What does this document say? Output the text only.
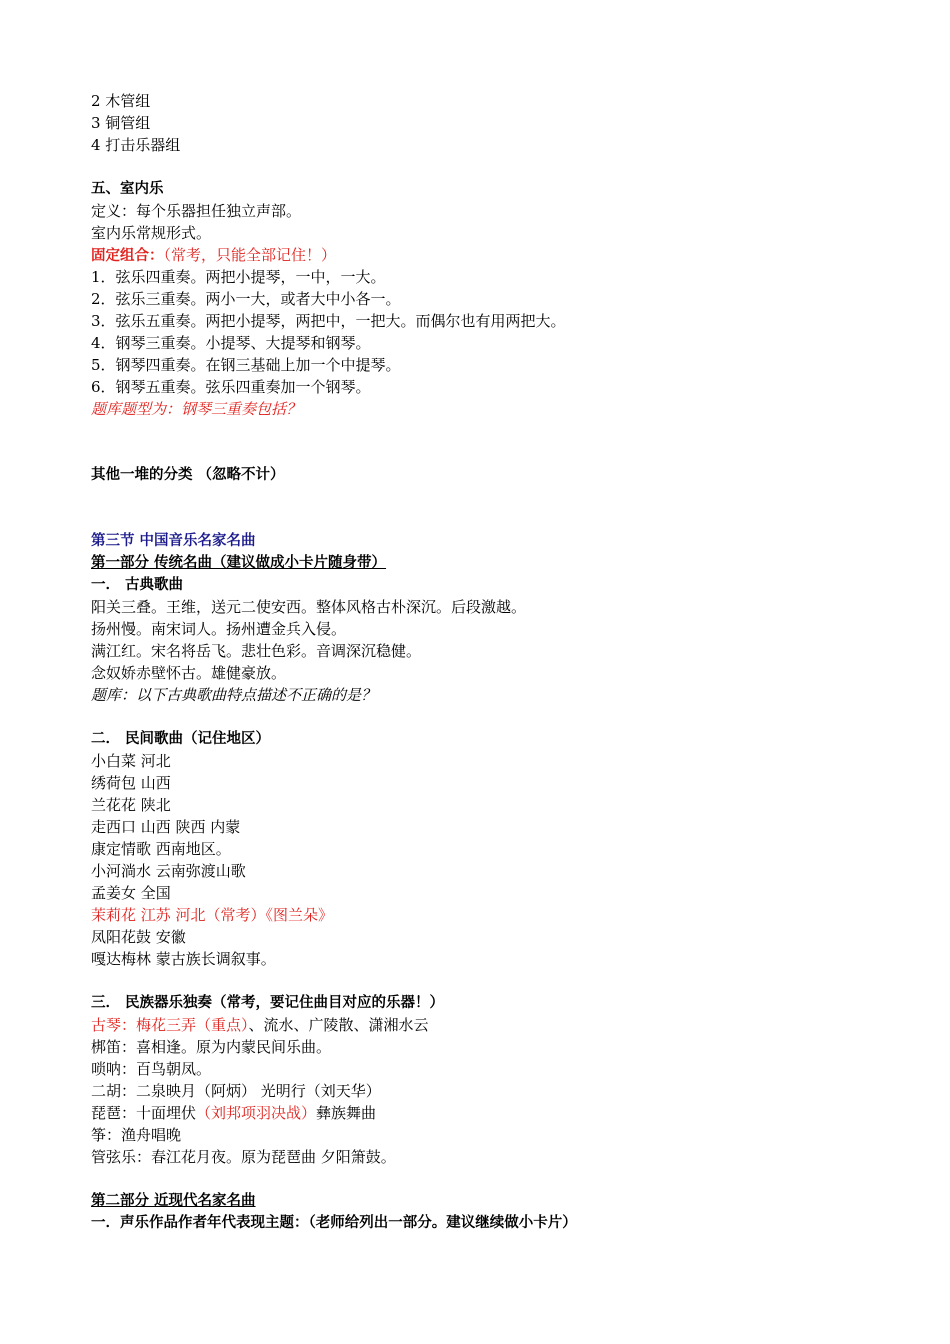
2 木管组
3 铜管组
4 打击乐器组
五、室内乐
定义：每个乐器担任独立声部。
室内乐常规形式。
固定组合：（常考，只能全部记住！）
1．弦乐四重奏。两把小提琴，一中，一大。
2．弦乐三重奏。两小一大，或者大中小各一。
3．弦乐五重奏。两把小提琴，两把中，一把大。而偶尔也有用两把大。
4．钢琴三重奏。小提琴、大提琴和钢琴。
5．钢琴四重奏。在钢三基础上加一个中提琴。
6．钢琴五重奏。弦乐四重奏加一个钢琴。
题库题型为：钢琴三重奏包括？
其他一堆的分类 （忽略不计）
第三节 中国音乐名家名曲
第一部分 传统名曲（建议做成小卡片随身带）
一． 古典歌曲
阳关三叠。王维，送元二使安西。整体风格古朴深沉。后段激越。
扬州慢。南宋词人。扬州遭金兵入侵。
满江红。宋名将岳飞。悲壮色彩。音调深沉稳健。
念奴娇赤壁怀古。雄健豪放。
题库：以下古典歌曲特点描述不正确的是？
二． 民间歌曲（记住地区）
小白菜 河北
绣荷包 山西
兰花花 陕北
走西口 山西 陕西 内蒙
康定情歌 西南地区。
小河淌水 云南弥渡山歌
孟姜女 全国
茉莉花 江苏 河北（常考）《图兰朵》
凤阳花鼓 安徽
嘎达梅林 蒙古族长调叙事。
三． 民族器乐独奏（常考，要记住曲目对应的乐器！）
古琴：梅花三弄（重点）、流水、广陵散、潇湘水云
梆笛：喜相逢。原为内蒙民间乐曲。
唢呐：百鸟朝凤。
二胡：二泉映月（阿炳） 光明行（刘天华）
琵琶：十面埋伏（刘邦项羽决战）彝族舞曲
筝：渔舟唱晚
管弦乐：春江花月夜。原为琵琶曲 夕阳箫鼓。
第二部分 近现代名家名曲
一．声乐作品作者年代表现主题：（老师给列出一部分。建议继续做小卡片）
